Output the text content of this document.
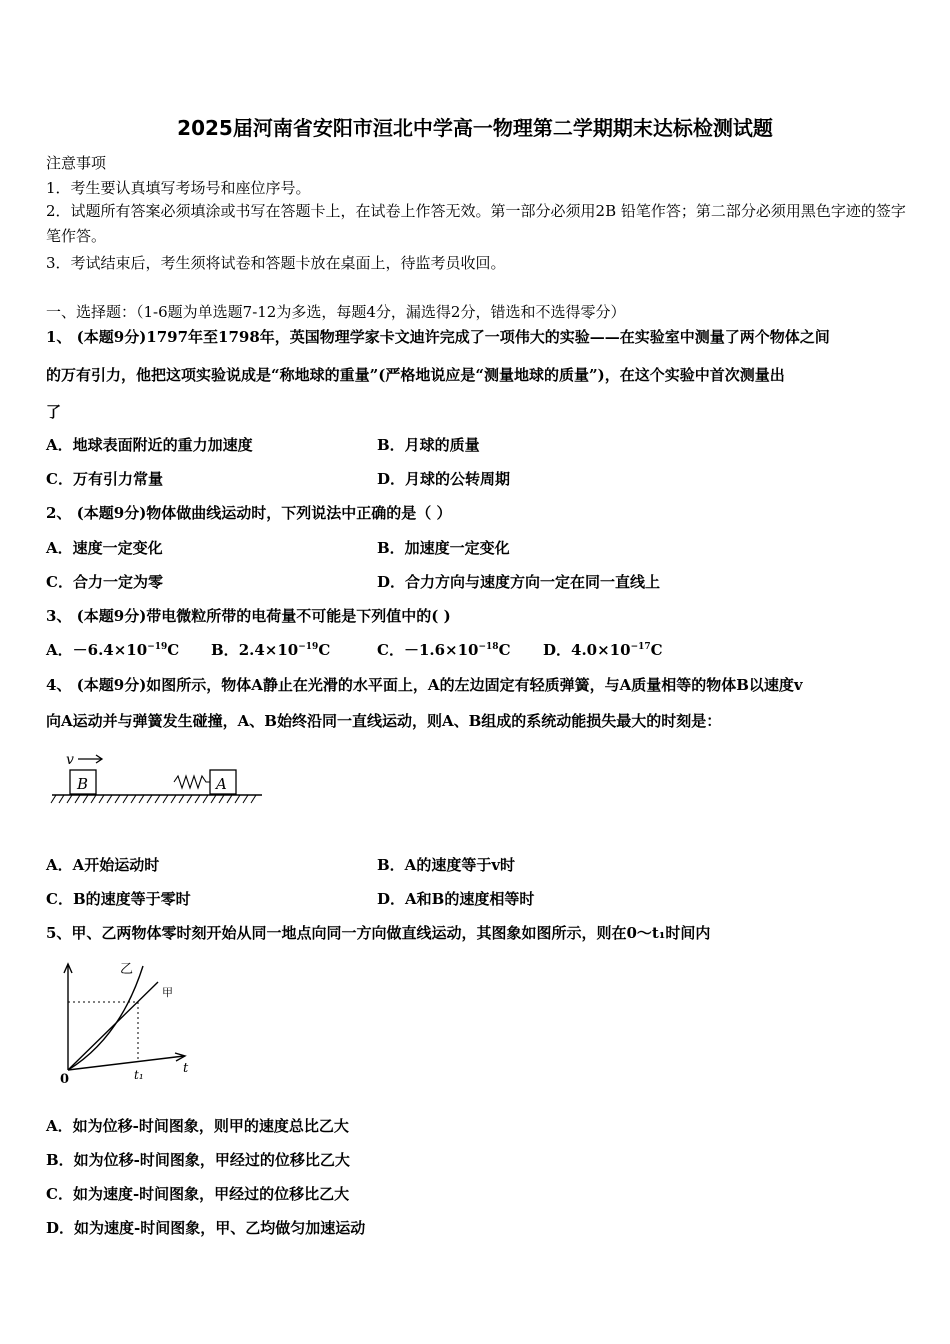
2025届河南省安阳市洹北中学高一物理第二学期期末达标检测试题
注意事项
1．考生要认真填写考场号和座位序号。
2．试题所有答案必须填涂或书写在答题卡上，在试卷上作答无效。第一部分必须用2B 铅笔作答；第二部分必须用黑色字迹的签字笔作答。
3．考试结束后，考生须将试卷和答题卡放在桌面上，待监考员收回。
一、选择题：（1-6题为单选题7-12为多选，每题4分，漏选得2分，错选和不选得零分）
1、 (本题9分)1797年至1798年，英国物理学家卡文迪许完成了一项伟大的实验——在实验室中测量了两个物体之间
的万有引力，他把这项实验说成是“称地球的重量”(严格地说应是“测量地球的质量”)，在这个实验中首次测量出
了
A．地球表面附近的重力加速度	B．月球的质量
C．万有引力常量	D．月球的公转周期
2、 (本题9分)物体做曲线运动时，下列说法中正确的是（ ）
A．速度一定变化	B．加速度一定变化
C．合力一定为零	D．合力方向与速度方向一定在同一直线上
3、 (本题9分)带电微粒所带的电荷量不可能是下列值中的( )
A．$-6.4\times 10^{-19}C$ B．$2.4\times 10^{-19}C$	C．$-1.6\times 10^{-18}C$ D．$4.0\times 10^{-17}C$
4、 (本题9分)如图所示，物体A静止在光滑的水平面上，A的左边固定有轻质弹簧，与A质量相等的物体B以速度v
向A运动并与弹簧发生碰撞，A、B始终沿同一直线运动，则A、B组成的系统动能损失最大的时刻是：
v
B	A
A．A开始运动时	B．A的速度等于v时
C．B的速度等于零时	D．A和B的速度相等时
5、甲、乙两物体零时刻开始从同一地点向同一方向做直线运动，其图象如图所示，则在0～t₁时间内
乙
甲
0	t₁	t
A．如为位移-时间图象，则甲的速度总比乙大
B．如为位移-时间图象，甲经过的位移比乙大
C．如为速度-时间图象，甲经过的位移比乙大
D．如为速度-时间图象，甲、乙均做匀加速运动
